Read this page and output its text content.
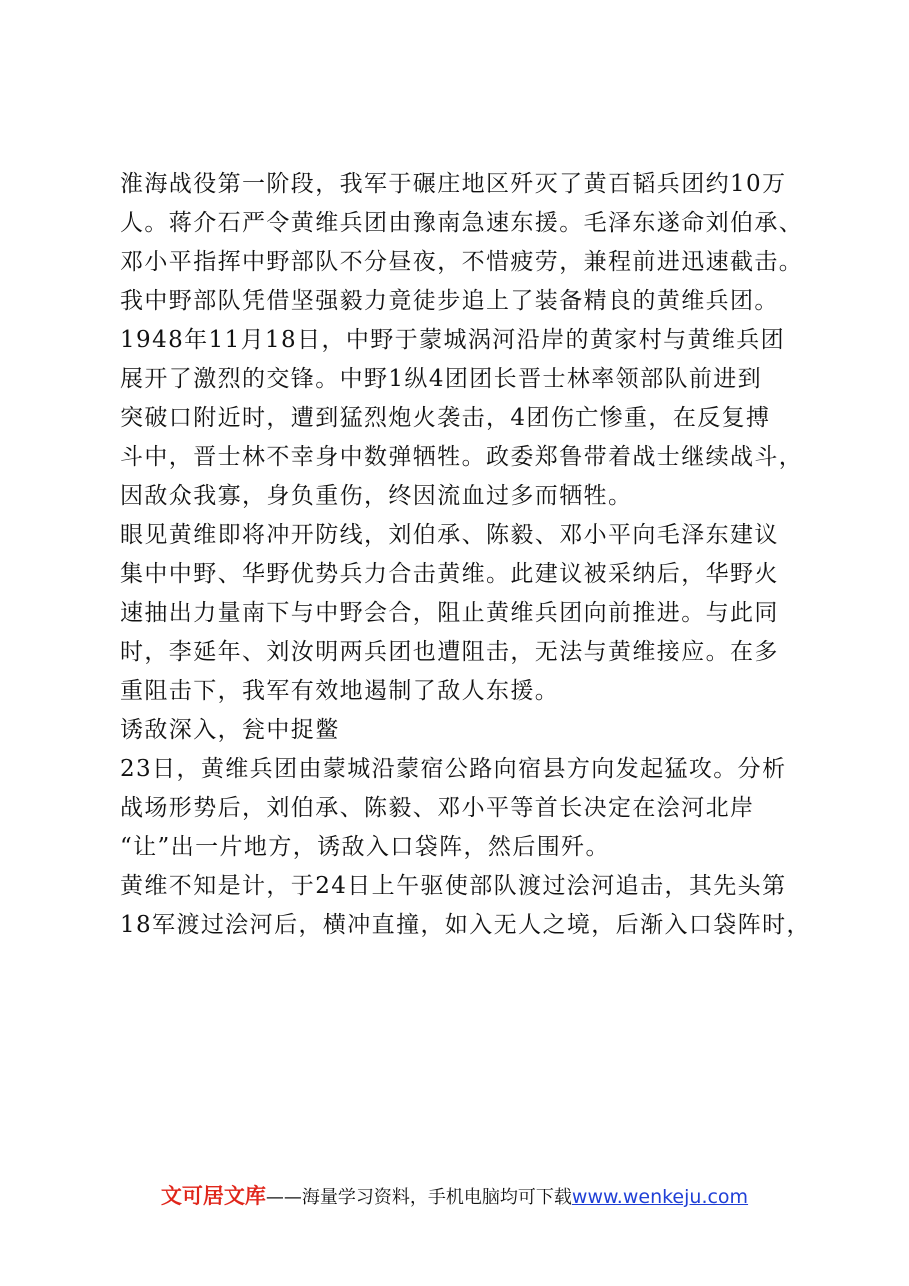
淮海战役第一阶段，我军于碾庄地区歼灭了黄百韬兵团约10万
人。蒋介石严令黄维兵团由豫南急速东援。毛泽东遂命刘伯承、
邓小平指挥中野部队不分昼夜，不惜疲劳，兼程前进迅速截击。
我中野部队凭借坚强毅力竟徒步追上了装备精良的黄维兵团。
1948年11月18日，中野于蒙城涡河沿岸的黄家村与黄维兵团
展开了激烈的交锋。中野1纵4团团长晋士林率领部队前进到
突破口附近时，遭到猛烈炮火袭击，4团伤亡惨重，在反复搏
斗中，晋士林不幸身中数弹牺牲。政委郑鲁带着战士继续战斗，
因敌众我寡，身负重伤，终因流血过多而牺牲。
眼见黄维即将冲开防线，刘伯承、陈毅、邓小平向毛泽东建议
集中中野、华野优势兵力合击黄维。此建议被采纳后，华野火
速抽出力量南下与中野会合，阻止黄维兵团向前推进。与此同
时，李延年、刘汝明两兵团也遭阻击，无法与黄维接应。在多
重阻击下，我军有效地遏制了敌人东援。
诱敌深入，瓮中捉鳖
23日，黄维兵团由蒙城沿蒙宿公路向宿县方向发起猛攻。分析
战场形势后，刘伯承、陈毅、邓小平等首长决定在浍河北岸
“让”出一片地方，诱敌入口袋阵，然后围歼。
黄维不知是计，于24日上午驱使部队渡过浍河追击，其先头第
18军渡过浍河后，横冲直撞，如入无人之境，后渐入口袋阵时，
文可居文库——海量学习资料，手机电脑均可下载www.wenkeju.com
